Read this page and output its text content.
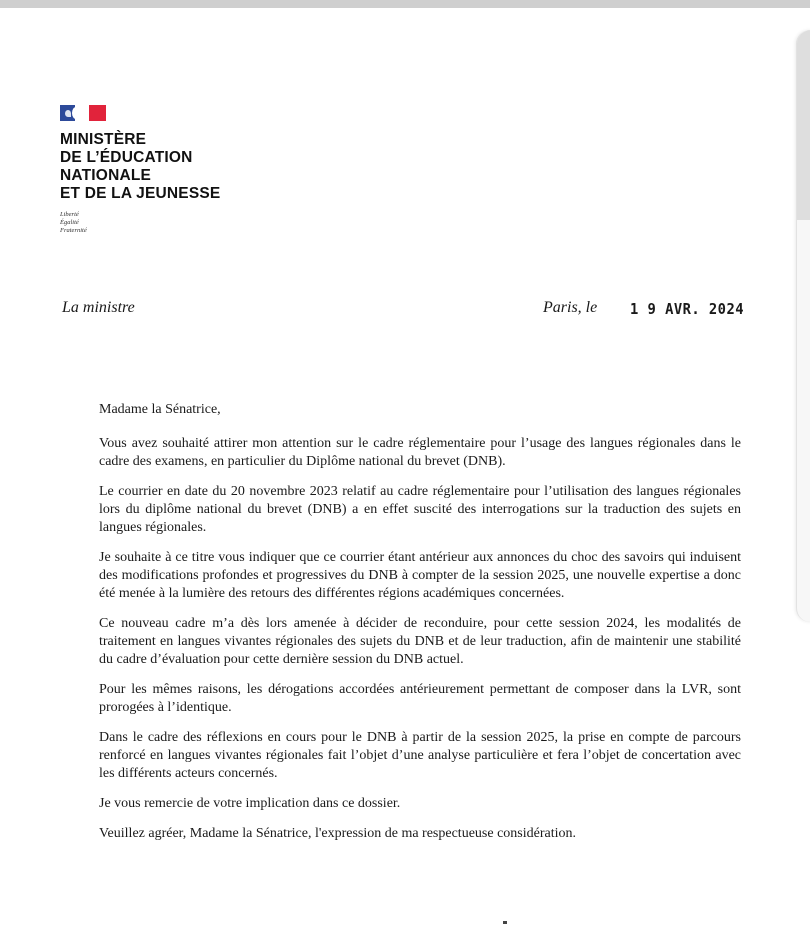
MINISTÈRE
DE L’ÉDUCATION
NATIONALE
ET DE LA JEUNESSE
Liberté
Égalité
Fraternité
La ministre	Paris, le 1 9 AVR. 2024

Madame la Sénatrice,

Vous avez souhaité attirer mon attention sur le cadre réglementaire pour l’usage des langues régionales dans le cadre des examens, en particulier du Diplôme national du brevet (DNB).

Le courrier en date du 20 novembre 2023 relatif au cadre réglementaire pour l’utilisation des langues régionales lors du diplôme national du brevet (DNB) a en effet suscité des interrogations sur la traduction des sujets en langues régionales.

Je souhaite à ce titre vous indiquer que ce courrier étant antérieur aux annonces du choc des savoirs qui induisent des modifications profondes et progressives du DNB à compter de la session 2025, une nouvelle expertise a donc été menée à la lumière des retours des différentes régions académiques concernées.

Ce nouveau cadre m’a dès lors amenée à décider de reconduire, pour cette session 2024, les modalités de traitement en langues vivantes régionales des sujets du DNB et de leur traduction, afin de maintenir une stabilité du cadre d’évaluation pour cette dernière session du DNB actuel.

Pour les mêmes raisons, les dérogations accordées antérieurement permettant de composer dans la LVR, sont prorogées à l’identique.

Dans le cadre des réflexions en cours pour le DNB à partir de la session 2025, la prise en compte de parcours renforcé en langues vivantes régionales fait l’objet d’une analyse particulière et fera l’objet de concertation avec les différents acteurs concernés.

Je vous remercie de votre implication dans ce dossier.

Veuillez agréer, Madame la Sénatrice, l'expression de ma respectueuse considération.
